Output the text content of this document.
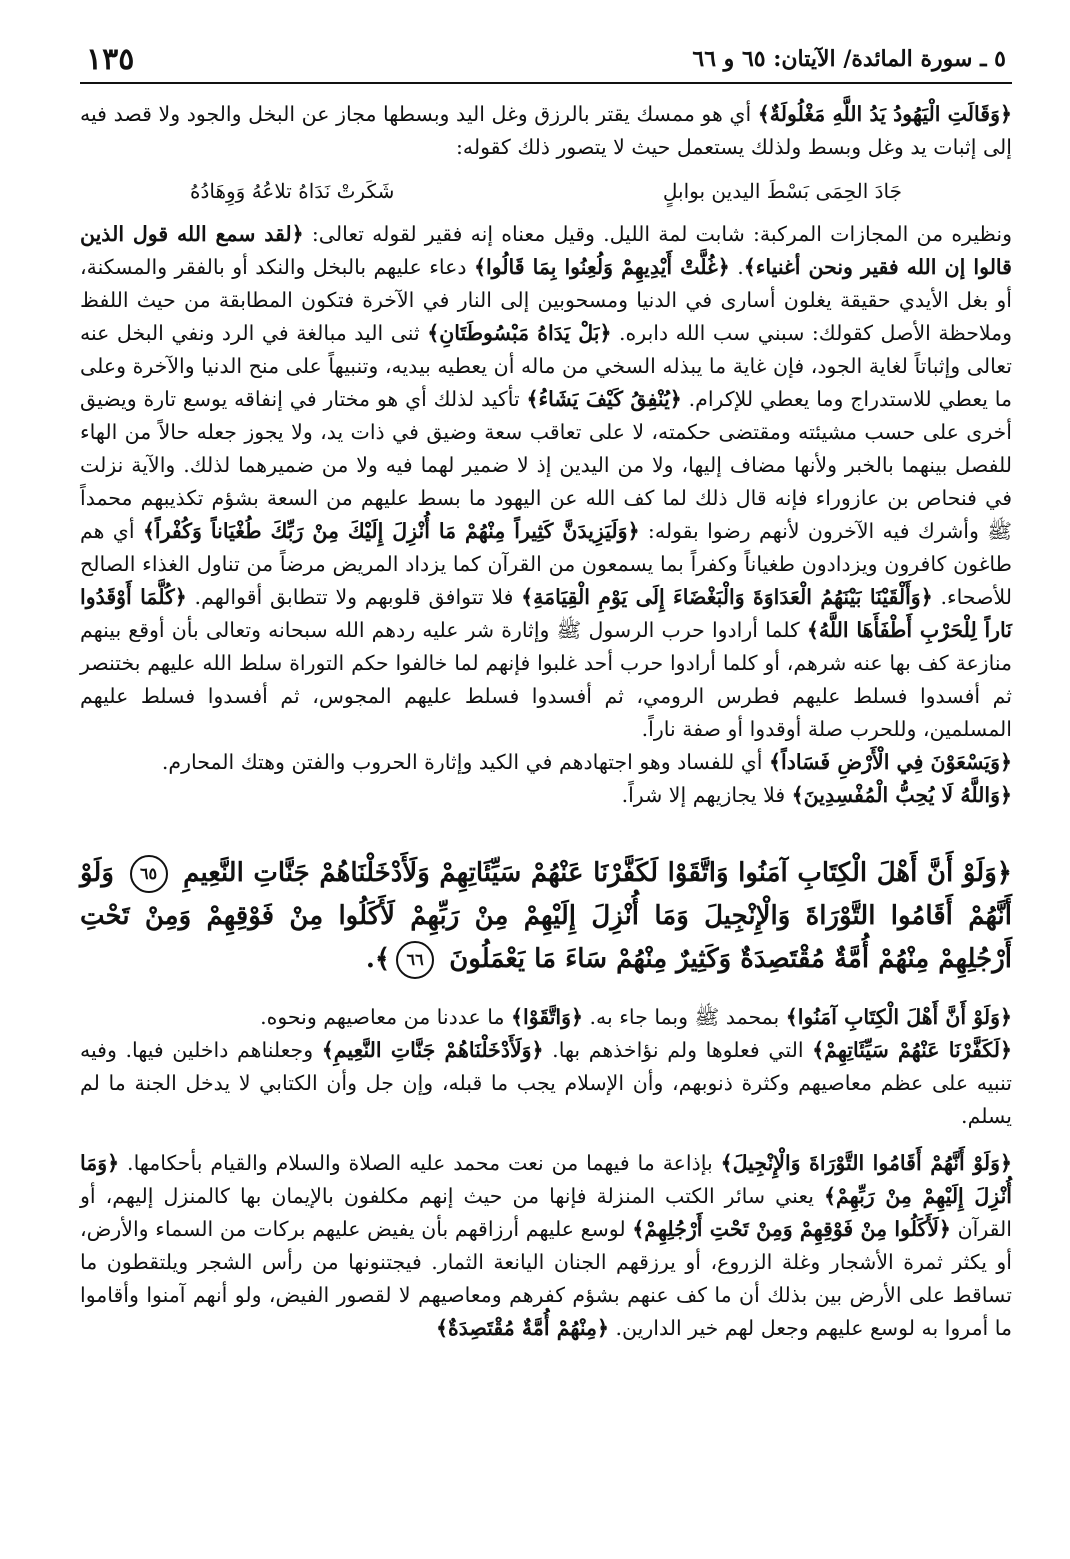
٥ ـ سورة المائدة/ الآيتان: ٦٥ و ٦٦
١٣٥

﴿وَقَالَتِ الْيَهُودُ يَدُ اللَّهِ مَغْلُولَةٌ﴾ أي هو ممسك يقتر بالرزق وغل اليد وبسطها مجاز عن البخل والجود ولا قصد فيه إلى إثبات يد وغل وبسط ولذلك يستعمل حيث لا يتصور ذلك كقوله:

جَادَ الحِمَى بَسْطَ اليدين بوابلٍ
شَكَرتْ نَدَاهُ تلاعُهُ وَوِهَادُهُ

ونظيره من المجازات المركبة: شابت لمة الليل. وقيل معناه إنه فقير لقوله تعالى: ﴿لقد سمع الله قول الذين قالوا إن الله فقير ونحن أغنياء﴾. ﴿غُلَّتْ أَيْدِيهِمْ وَلُعِنُوا بِمَا قَالُوا﴾ دعاء عليهم بالبخل والنكد أو بالفقر والمسكنة، أو بغل الأيدي حقيقة يغلون أسارى في الدنيا ومسحوبين إلى النار في الآخرة فتكون المطابقة من حيث اللفظ وملاحظة الأصل كقولك: سبني سب الله دابره. ﴿بَلْ يَدَاهُ مَبْسُوطَتَانِ﴾ ثنى اليد مبالغة في الرد ونفي البخل عنه تعالى وإثباتاً لغاية الجود، فإن غاية ما يبذله السخي من ماله أن يعطيه بيديه، وتنبيهاً على منح الدنيا والآخرة وعلى ما يعطي للاستدراج وما يعطي للإكرام. ﴿يُنْفِقُ كَيْفَ يَشَاءُ﴾ تأكيد لذلك أي هو مختار في إنفاقه يوسع تارة ويضيق أخرى على حسب مشيئته ومقتضى حكمته، لا على تعاقب سعة وضيق في ذات يد، ولا يجوز جعله حالاً من الهاء للفصل بينهما بالخبر ولأنها مضاف إليها، ولا من اليدين إذ لا ضمير لهما فيه ولا من ضميرهما لذلك. والآية نزلت في فنحاص بن عازوراء فإنه قال ذلك لما كف الله عن اليهود ما بسط عليهم من السعة بشؤم تكذيبهم محمداً ﷺ وأشرك فيه الآخرون لأنهم رضوا بقوله: ﴿وَلَيَزِيدَنَّ كَثِيراً مِنْهُمْ مَا أُنْزِلَ إِلَيْكَ مِنْ رَبِّكَ طُغْيَاناً وَكُفْراً﴾ أي هم طاغون كافرون ويزدادون طغياناً وكفراً بما يسمعون من القرآن كما يزداد المريض مرضاً من تناول الغذاء الصالح للأصحاء. ﴿وَأَلْقَيْنَا بَيْنَهُمُ الْعَدَاوَةَ وَالْبَغْضَاءَ إِلَى يَوْمِ الْقِيَامَةِ﴾ فلا تتوافق قلوبهم ولا تتطابق أقوالهم. ﴿كُلَّمَا أَوْقَدُوا نَاراً لِلْحَرْبِ أَطْفَأَهَا اللَّهُ﴾ كلما أرادوا حرب الرسول ﷺ وإثارة شر عليه ردهم الله سبحانه وتعالى بأن أوقع بينهم منازعة كف بها عنه شرهم، أو كلما أرادوا حرب أحد غلبوا فإنهم لما خالفوا حكم التوراة سلط الله عليهم بختنصر ثم أفسدوا فسلط عليهم فطرس الرومي، ثم أفسدوا فسلط عليهم المجوس، ثم أفسدوا فسلط عليهم المسلمين، وللحرب صلة أوقدوا أو صفة ناراً.

﴿وَيَسْعَوْنَ فِي الْأَرْضِ فَسَاداً﴾ أي للفساد وهو اجتهادهم في الكيد وإثارة الحروب والفتن وهتك المحارم.

﴿وَاللَّهُ لَا يُحِبُّ الْمُفْسِدِينَ﴾ فلا يجازيهم إلا شراً.

﴿وَلَوْ أَنَّ أَهْلَ الْكِتَابِ آمَنُوا وَاتَّقَوْا لَكَفَّرْنَا عَنْهُمْ سَيِّئَاتِهِمْ وَلَأَدْخَلْنَاهُمْ جَنَّاتِ النَّعِيمِ ٦٥ وَلَوْ أَنَّهُمْ أَقَامُوا التَّوْرَاةَ وَالْإِنْجِيلَ وَمَا أُنْزِلَ إِلَيْهِمْ مِنْ رَبِّهِمْ لَأَكَلُوا مِنْ فَوْقِهِمْ وَمِنْ تَحْتِ أَرْجُلِهِمْ مِنْهُمْ أُمَّةٌ مُقْتَصِدَةٌ وَكَثِيرٌ مِنْهُمْ سَاءَ مَا يَعْمَلُونَ ٦٦﴾.

﴿وَلَوْ أَنَّ أَهْلَ الْكِتَابِ آمَنُوا﴾ بمحمد ﷺ وبما جاء به. ﴿وَاتَّقَوْا﴾ ما عددنا من معاصيهم ونحوه.

﴿لَكَفَّرْنَا عَنْهُمْ سَيِّئَاتِهِمْ﴾ التي فعلوها ولم نؤاخذهم بها. ﴿وَلَأَدْخَلْنَاهُمْ جَنَّاتِ النَّعِيمِ﴾ وجعلناهم داخلين فيها. وفيه تنبيه على عظم معاصيهم وكثرة ذنوبهم، وأن الإسلام يجب ما قبله، وإن جل وأن الكتابي لا يدخل الجنة ما لم يسلم.

﴿وَلَوْ أَنَّهُمْ أَقَامُوا التَّوْرَاةَ وَالْإِنْجِيلَ﴾ بإذاعة ما فيهما من نعت محمد عليه الصلاة والسلام والقيام بأحكامها. ﴿وَمَا أُنْزِلَ إِلَيْهِمْ مِنْ رَبِّهِمْ﴾ يعني سائر الكتب المنزلة فإنها من حيث إنهم مكلفون بالإيمان بها كالمنزل إليهم، أو القرآن ﴿لَأَكَلُوا مِنْ فَوْقِهِمْ وَمِنْ تَحْتِ أَرْجُلِهِمْ﴾ لوسع عليهم أرزاقهم بأن يفيض عليهم بركات من السماء والأرض، أو يكثر ثمرة الأشجار وغلة الزروع، أو يرزقهم الجنان اليانعة الثمار. فيجتنونها من رأس الشجر ويلتقطون ما تساقط على الأرض بين بذلك أن ما كف عنهم بشؤم كفرهم ومعاصيهم لا لقصور الفيض، ولو أنهم آمنوا وأقاموا ما أمروا به لوسع عليهم وجعل لهم خير الدارين. ﴿مِنْهُمْ أُمَّةٌ مُقْتَصِدَةٌ﴾
